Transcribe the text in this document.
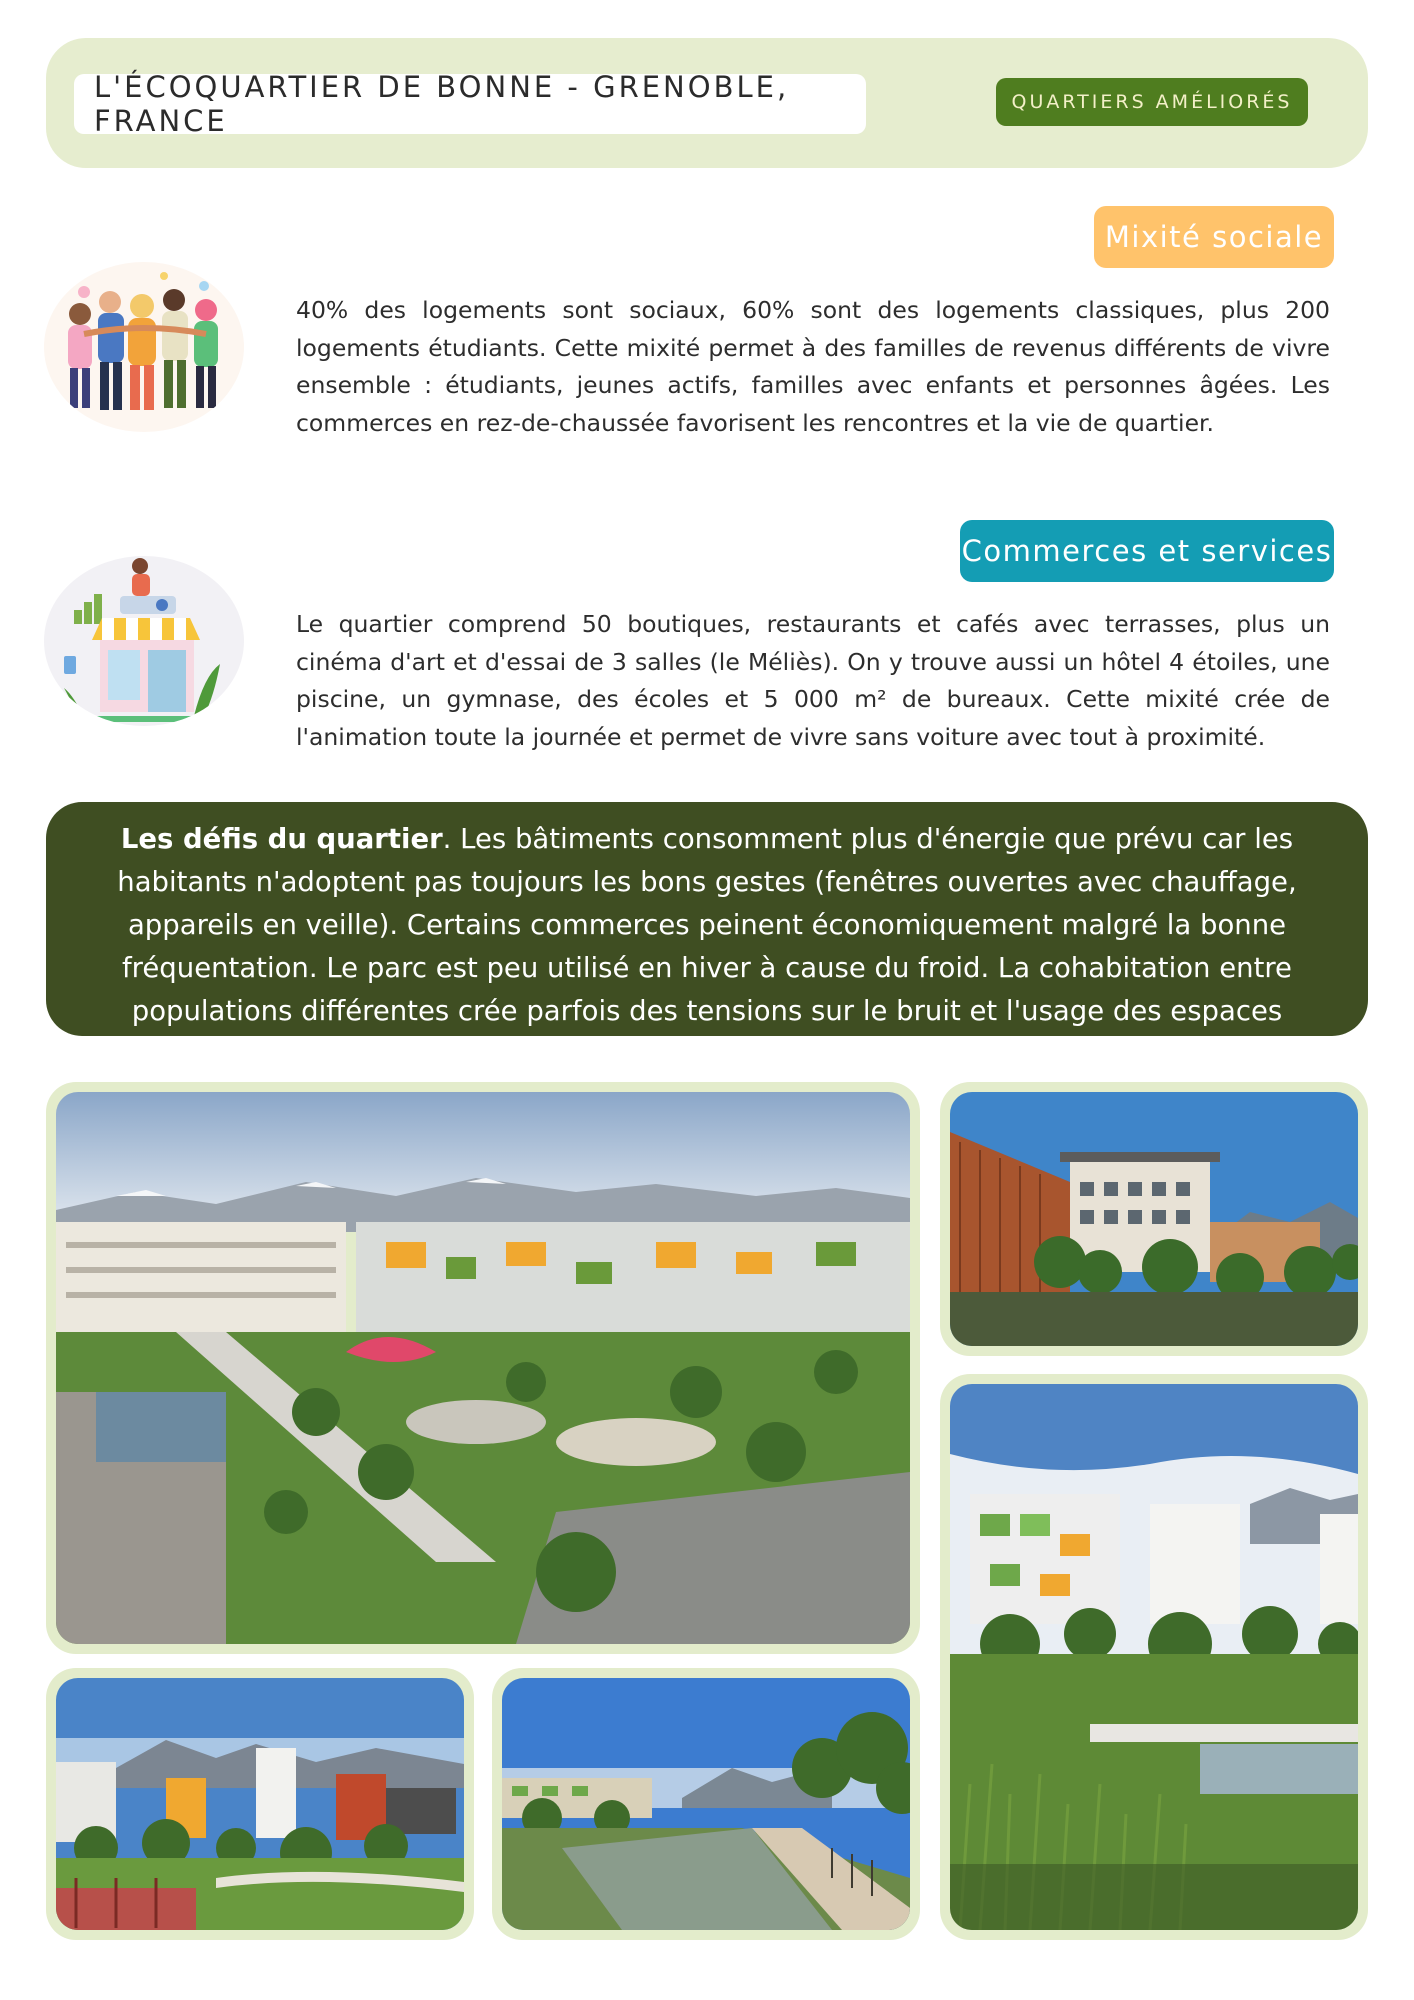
L'ÉCOQUARTIER DE BONNE - GRENOBLE, FRANCE
QUARTIERS AMÉLIORÉS
Mixité sociale
40% des logements sont sociaux, 60% sont des logements classiques, plus 200 logements étudiants. Cette mixité permet à des familles de revenus différents de vivre ensemble : étudiants, jeunes actifs, familles avec enfants et personnes âgées. Les commerces en rez-de-chaussée favorisent les rencontres et la vie de quartier.
Commerces et services
Le quartier comprend 50 boutiques, restaurants et cafés avec terrasses, plus un cinéma d'art et d'essai de 3 salles (le Méliès). On y trouve aussi un hôtel 4 étoiles, une piscine, un gymnase, des écoles et 5 000 m² de bureaux. Cette mixité crée de l'animation toute la journée et permet de vivre sans voiture avec tout à proximité.
Les défis du quartier. Les bâtiments consomment plus d'énergie que prévu car les habitants n'adoptent pas toujours les bons gestes (fenêtres ouvertes avec chauffage, appareils en veille). Certains commerces peinent économiquement malgré la bonne fréquentation. Le parc est peu utilisé en hiver à cause du froid. La cohabitation entre populations différentes crée parfois des tensions sur le bruit et l'usage des espaces communs.
